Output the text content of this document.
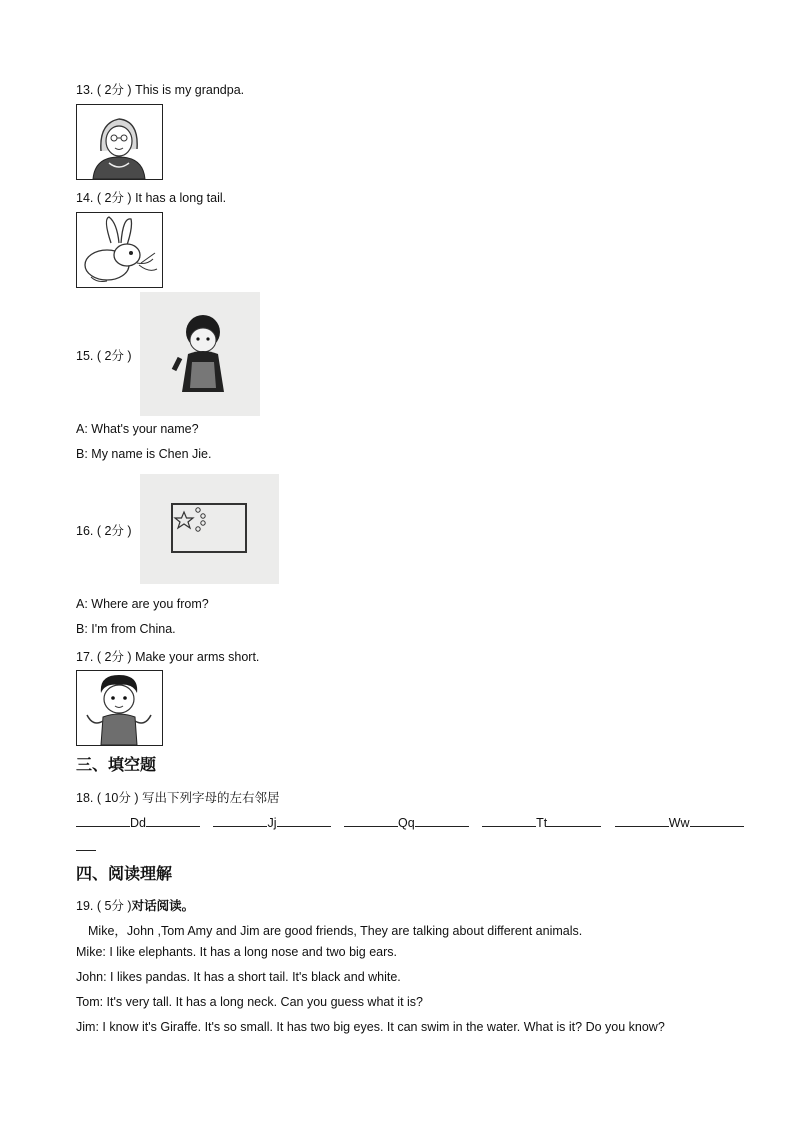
13. ( 2分 ) This is my grandpa.
14. ( 2分 ) It has a long tail.
15. ( 2分 )
A: What's your name?
B: My name is Chen Jie.
16. ( 2分 )
A: Where are you from?
B: I'm from China.
17. ( 2分 ) Make your arms short.
三、填空题
18. ( 10分 ) 写出下列字母的左右邻居
Dd	Jj	Qq	Tt	Ww
四、阅读理解
19. ( 5分 )对话阅读。
Mike，John ,Tom Amy and Jim are good friends, They are talking about different animals.
Mike: I like elephants. It has a long nose and two big ears.
John: I likes pandas. It has a short tail. It's black and white.
Tom: It's very tall. It has a long neck. Can you guess what it is?
Jim: I know it's Giraffe. It's so small. It has two big eyes. It can swim in the water. What is it? Do you know?
